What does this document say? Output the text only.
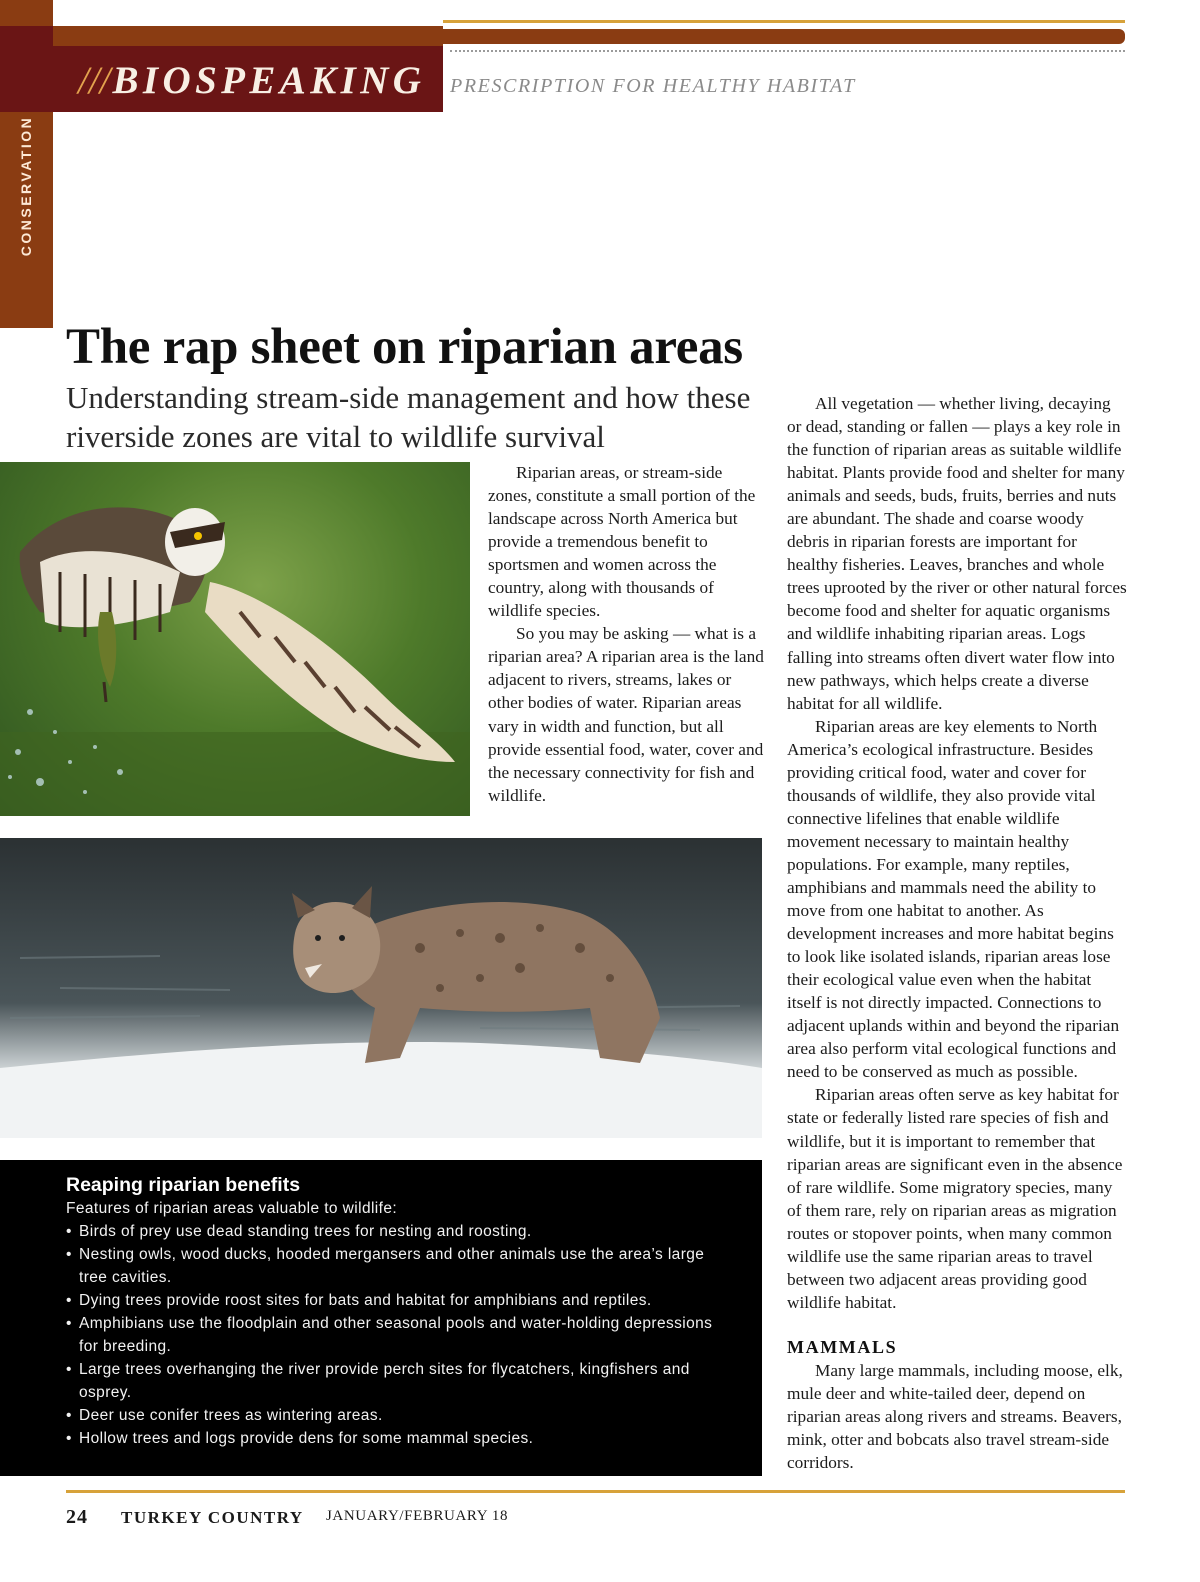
CONSERVATION
///BIOSPEAKING PRESCRIPTION FOR HEALTHY HABITAT
The rap sheet on riparian areas
Understanding stream-side management and how these riverside zones are vital to wildlife survival

Riparian areas, or stream-side zones, constitute a small portion of the landscape across North America but provide a tremendous benefit to sportsmen and women across the country, along with thousands of wildlife species.

So you may be asking — what is a riparian area? A riparian area is the land adjacent to rivers, streams, lakes or other bodies of water. Riparian areas vary in width and function, but all provide essential food, water, cover and the necessary connectivity for fish and wildlife.

All vegetation — whether living, decaying or dead, standing or fallen — plays a key role in the function of riparian areas as suitable wildlife habitat. Plants provide food and shelter for many animals and seeds, buds, fruits, berries and nuts are abundant. The shade and coarse woody debris in riparian forests are important for healthy fisheries. Leaves, branches and whole trees uprooted by the river or other natural forces become food and shelter for aquatic organisms and wildlife inhabiting riparian areas. Logs falling into streams often divert water flow into new pathways, which helps create a diverse habitat for all wildlife.

Riparian areas are key elements to North America’s ecological infrastructure. Besides providing critical food, water and cover for thousands of wildlife, they also provide vital connective lifelines that enable wildlife movement necessary to maintain healthy populations. For example, many reptiles, amphibians and mammals need the ability to move from one habitat to another. As development increases and more habitat begins to look like isolated islands, riparian areas lose their ecological value even when the habitat itself is not directly impacted. Connections to adjacent uplands within and beyond the riparian area also perform vital ecological functions and need to be conserved as much as possible.

Riparian areas often serve as key habitat for state or federally listed rare species of fish and wildlife, but it is important to remember that riparian areas are significant even in the absence of rare wildlife. Some migratory species, many of them rare, rely on riparian areas as migration routes or stopover points, when many common wildlife use the same riparian areas to travel between two adjacent areas providing good wildlife habitat.

MAMMALS

Many large mammals, including moose, elk, mule deer and white-tailed deer, depend on riparian areas along rivers and streams. Beavers, mink, otter and bobcats also travel stream-side corridors.

Reaping riparian benefits
Features of riparian areas valuable to wildlife:
• Birds of prey use dead standing trees for nesting and roosting.
• Nesting owls, wood ducks, hooded mergansers and other animals use the area’s large tree cavities.
• Dying trees provide roost sites for bats and habitat for amphibians and reptiles.
• Amphibians use the floodplain and other seasonal pools and water-holding depressions for breeding.
• Large trees overhanging the river provide perch sites for flycatchers, kingfishers and osprey.
• Deer use conifer trees as wintering areas.
• Hollow trees and logs provide dens for some mammal species.
24 TURKEY COUNTRY JANUARY/FEBRUARY 18
